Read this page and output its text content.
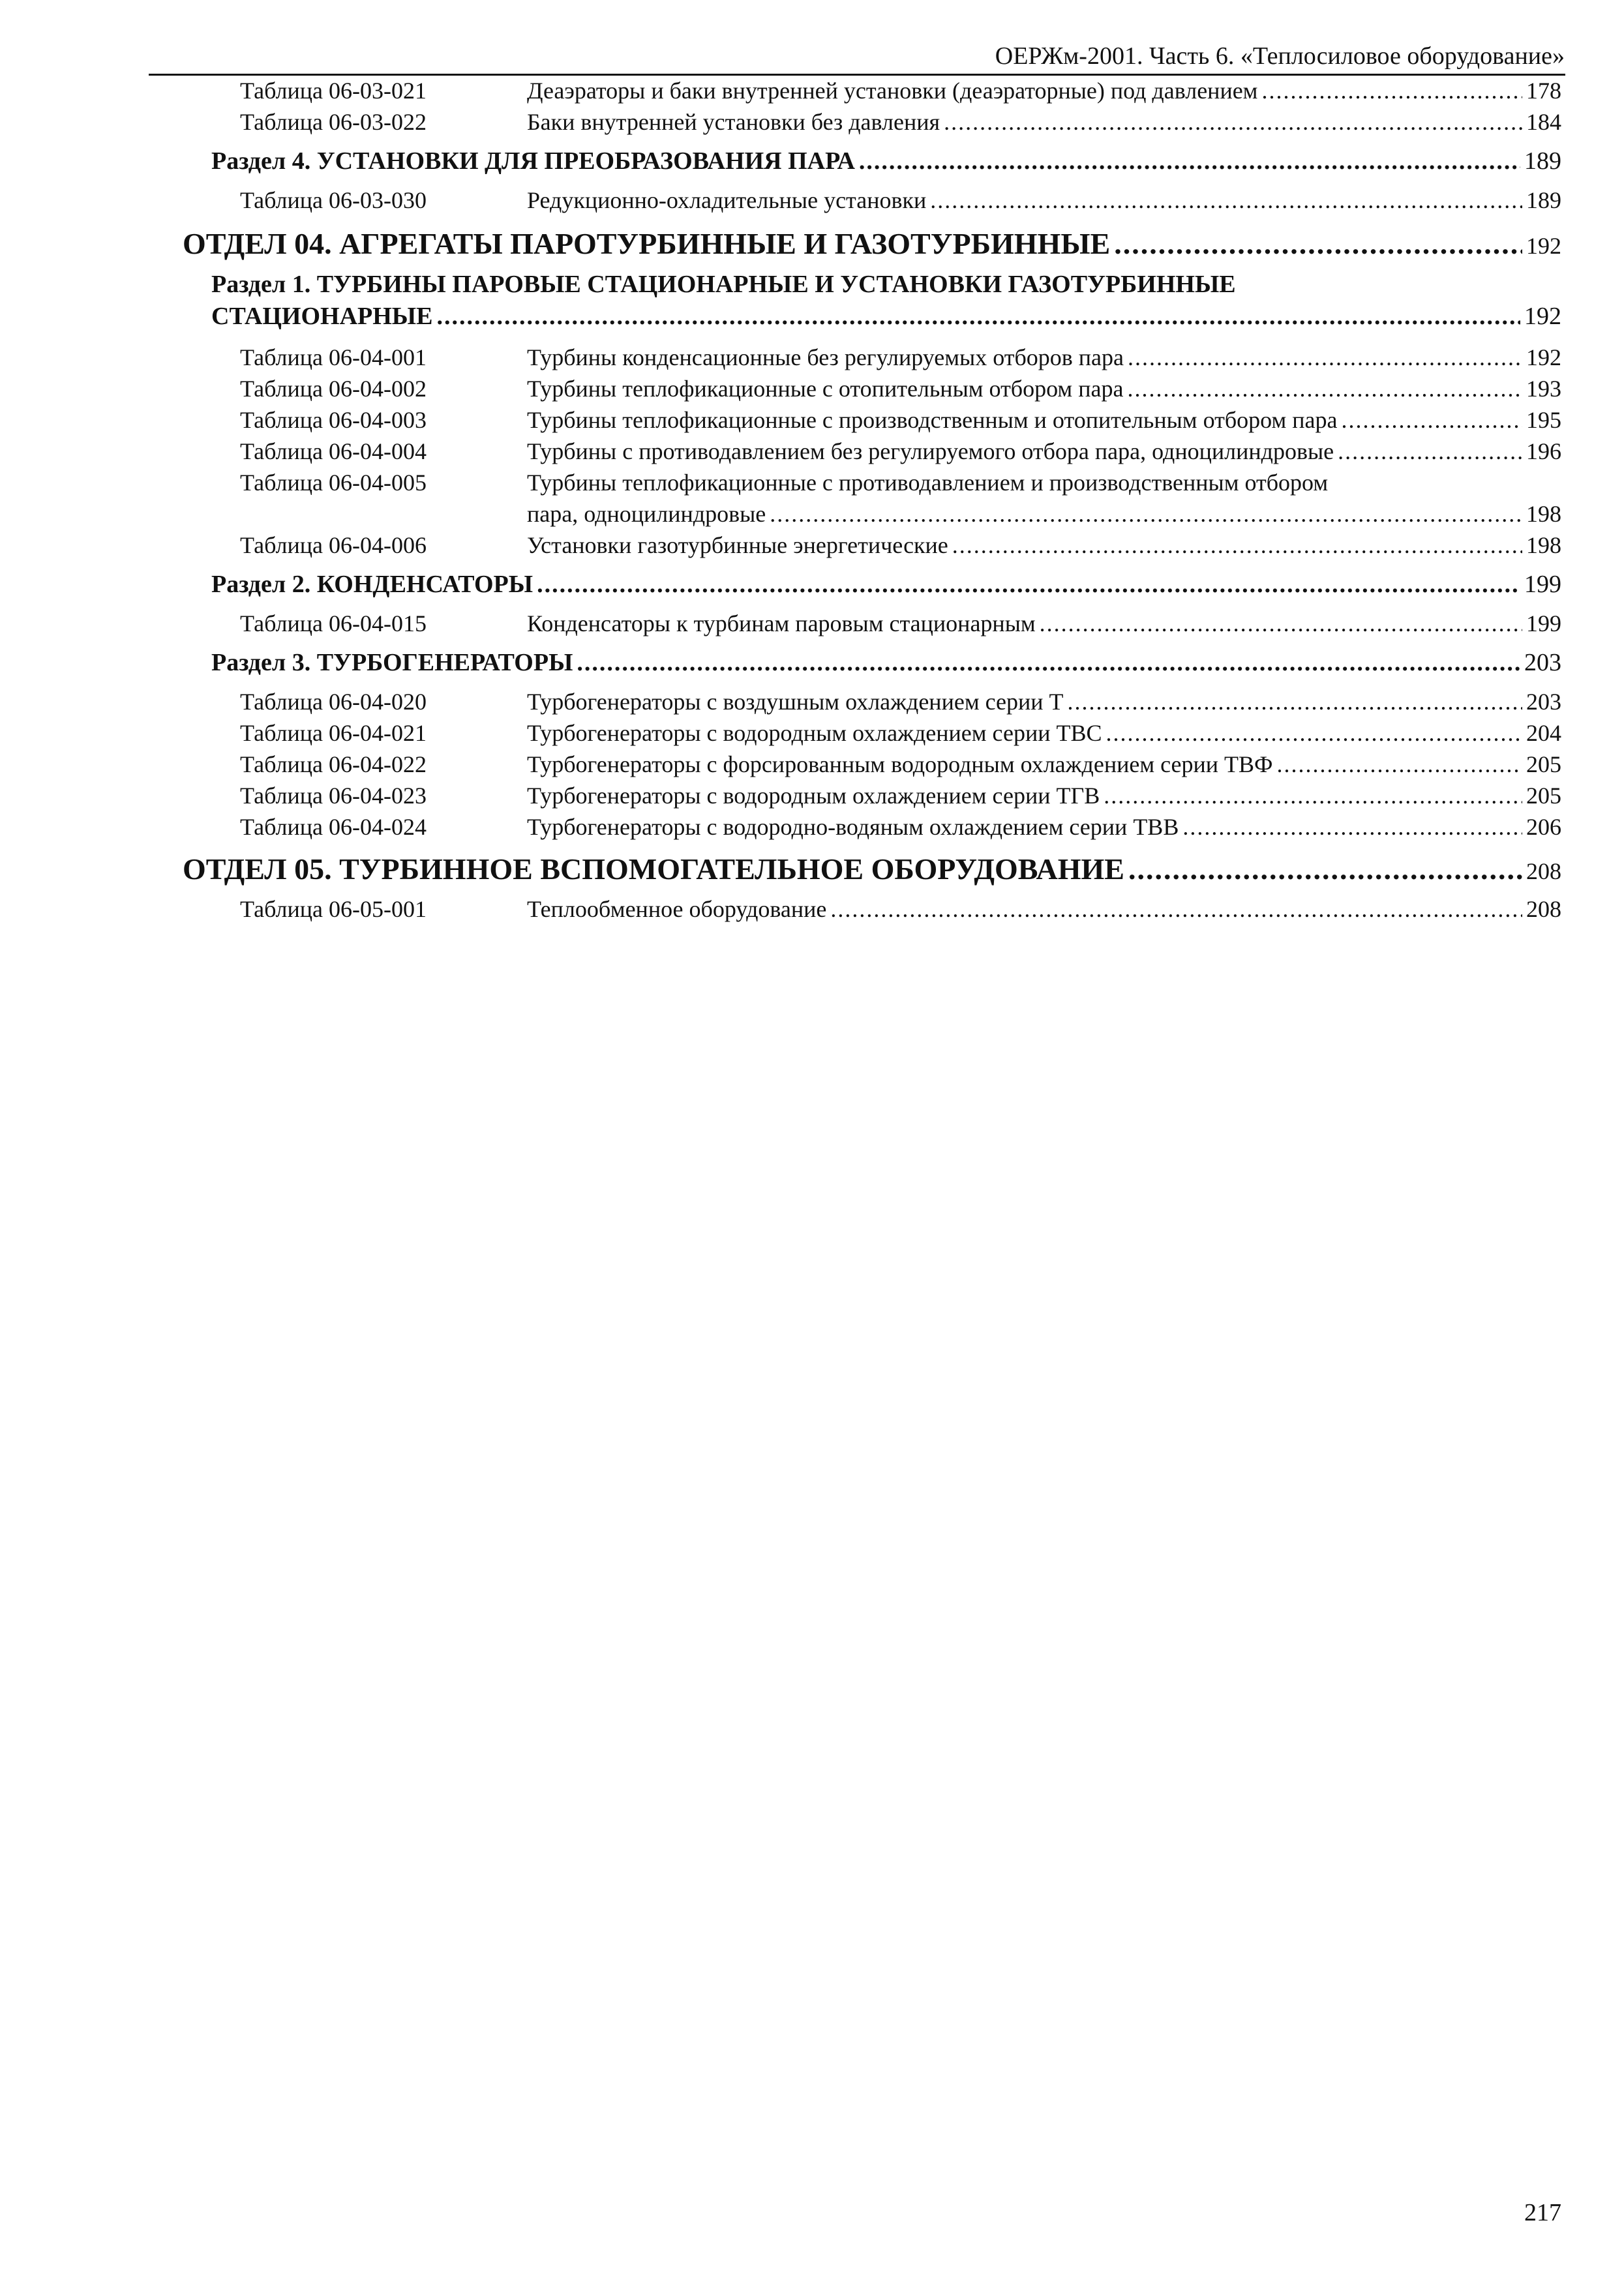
ОЕРЖм-2001. Часть 6. «Теплосиловое оборудование»
Таблица 06-03-021	Деаэраторы и баки внутренней установки (деаэраторные) под давлением .....	178
Таблица 06-03-022	Баки внутренней установки без давления .....	184
Раздел 4. УСТАНОВКИ ДЛЯ ПРЕОБРАЗОВАНИЯ ПАРА .....	189
Таблица 06-03-030	Редукционно-охладительные установки .....	189
ОТДЕЛ 04. АГРЕГАТЫ ПАРОТУРБИННЫЕ И ГАЗОТУРБИННЫЕ .....	192
Раздел 1. ТУРБИНЫ ПАРОВЫЕ СТАЦИОНАРНЫЕ И УСТАНОВКИ ГАЗОТУРБИННЫЕ
СТАЦИОНАРНЫЕ .....	192
Таблица 06-04-001	Турбины конденсационные без регулируемых отборов пара .....	192
Таблица 06-04-002	Турбины теплофикационные с отопительным отбором пара .....	193
Таблица 06-04-003	Турбины теплофикационные с производственным и отопительным отбором пара .....	195
Таблица 06-04-004	Турбины с противодавлением без регулируемого отбора пара, одноцилиндровые .....	196
Таблица 06-04-005	Турбины теплофикационные с противодавлением и производственным отбором
пара, одноцилиндровые .....	198
Таблица 06-04-006	Установки газотурбинные энергетические .....	198
Раздел 2. КОНДЕНСАТОРЫ .....	199
Таблица 06-04-015	Конденсаторы к турбинам паровым стационарным .....	199
Раздел 3. ТУРБОГЕНЕРАТОРЫ .....	203
Таблица 06-04-020	Турбогенераторы с воздушным охлаждением серии Т .....	203
Таблица 06-04-021	Турбогенераторы с водородным охлаждением серии ТВС .....	204
Таблица 06-04-022	Турбогенераторы с форсированным водородным охлаждением серии ТВФ .....	205
Таблица 06-04-023	Турбогенераторы с водородным охлаждением серии ТГВ .....	205
Таблица 06-04-024	Турбогенераторы с водородно-водяным охлаждением серии ТВВ .....	206
ОТДЕЛ 05. ТУРБИННОЕ ВСПОМОГАТЕЛЬНОЕ ОБОРУДОВАНИЕ .....	208
Таблица 06-05-001	Теплообменное оборудование .....	208
217
